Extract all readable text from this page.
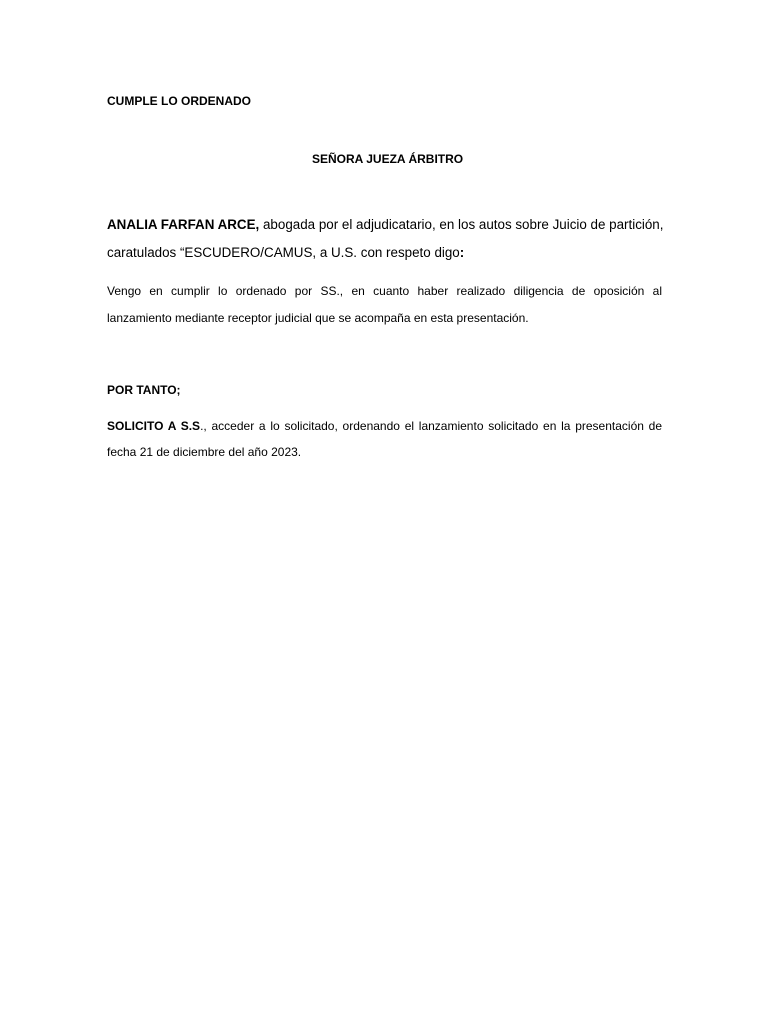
CUMPLE LO ORDENADO
SEÑORA JUEZA ÁRBITRO
ANALIA FARFAN ARCE, abogada por el adjudicatario, en los autos sobre Juicio de partición,
caratulados “ESCUDERO/CAMUS, a U.S. con respeto digo:
Vengo en cumplir lo ordenado por SS., en cuanto haber realizado diligencia de oposición al
lanzamiento mediante receptor judicial que se acompaña en esta presentación.
POR TANTO;
SOLICITO A S.S., acceder a lo solicitado, ordenando el lanzamiento solicitado en la presentación de
fecha 21 de diciembre del año 2023.
